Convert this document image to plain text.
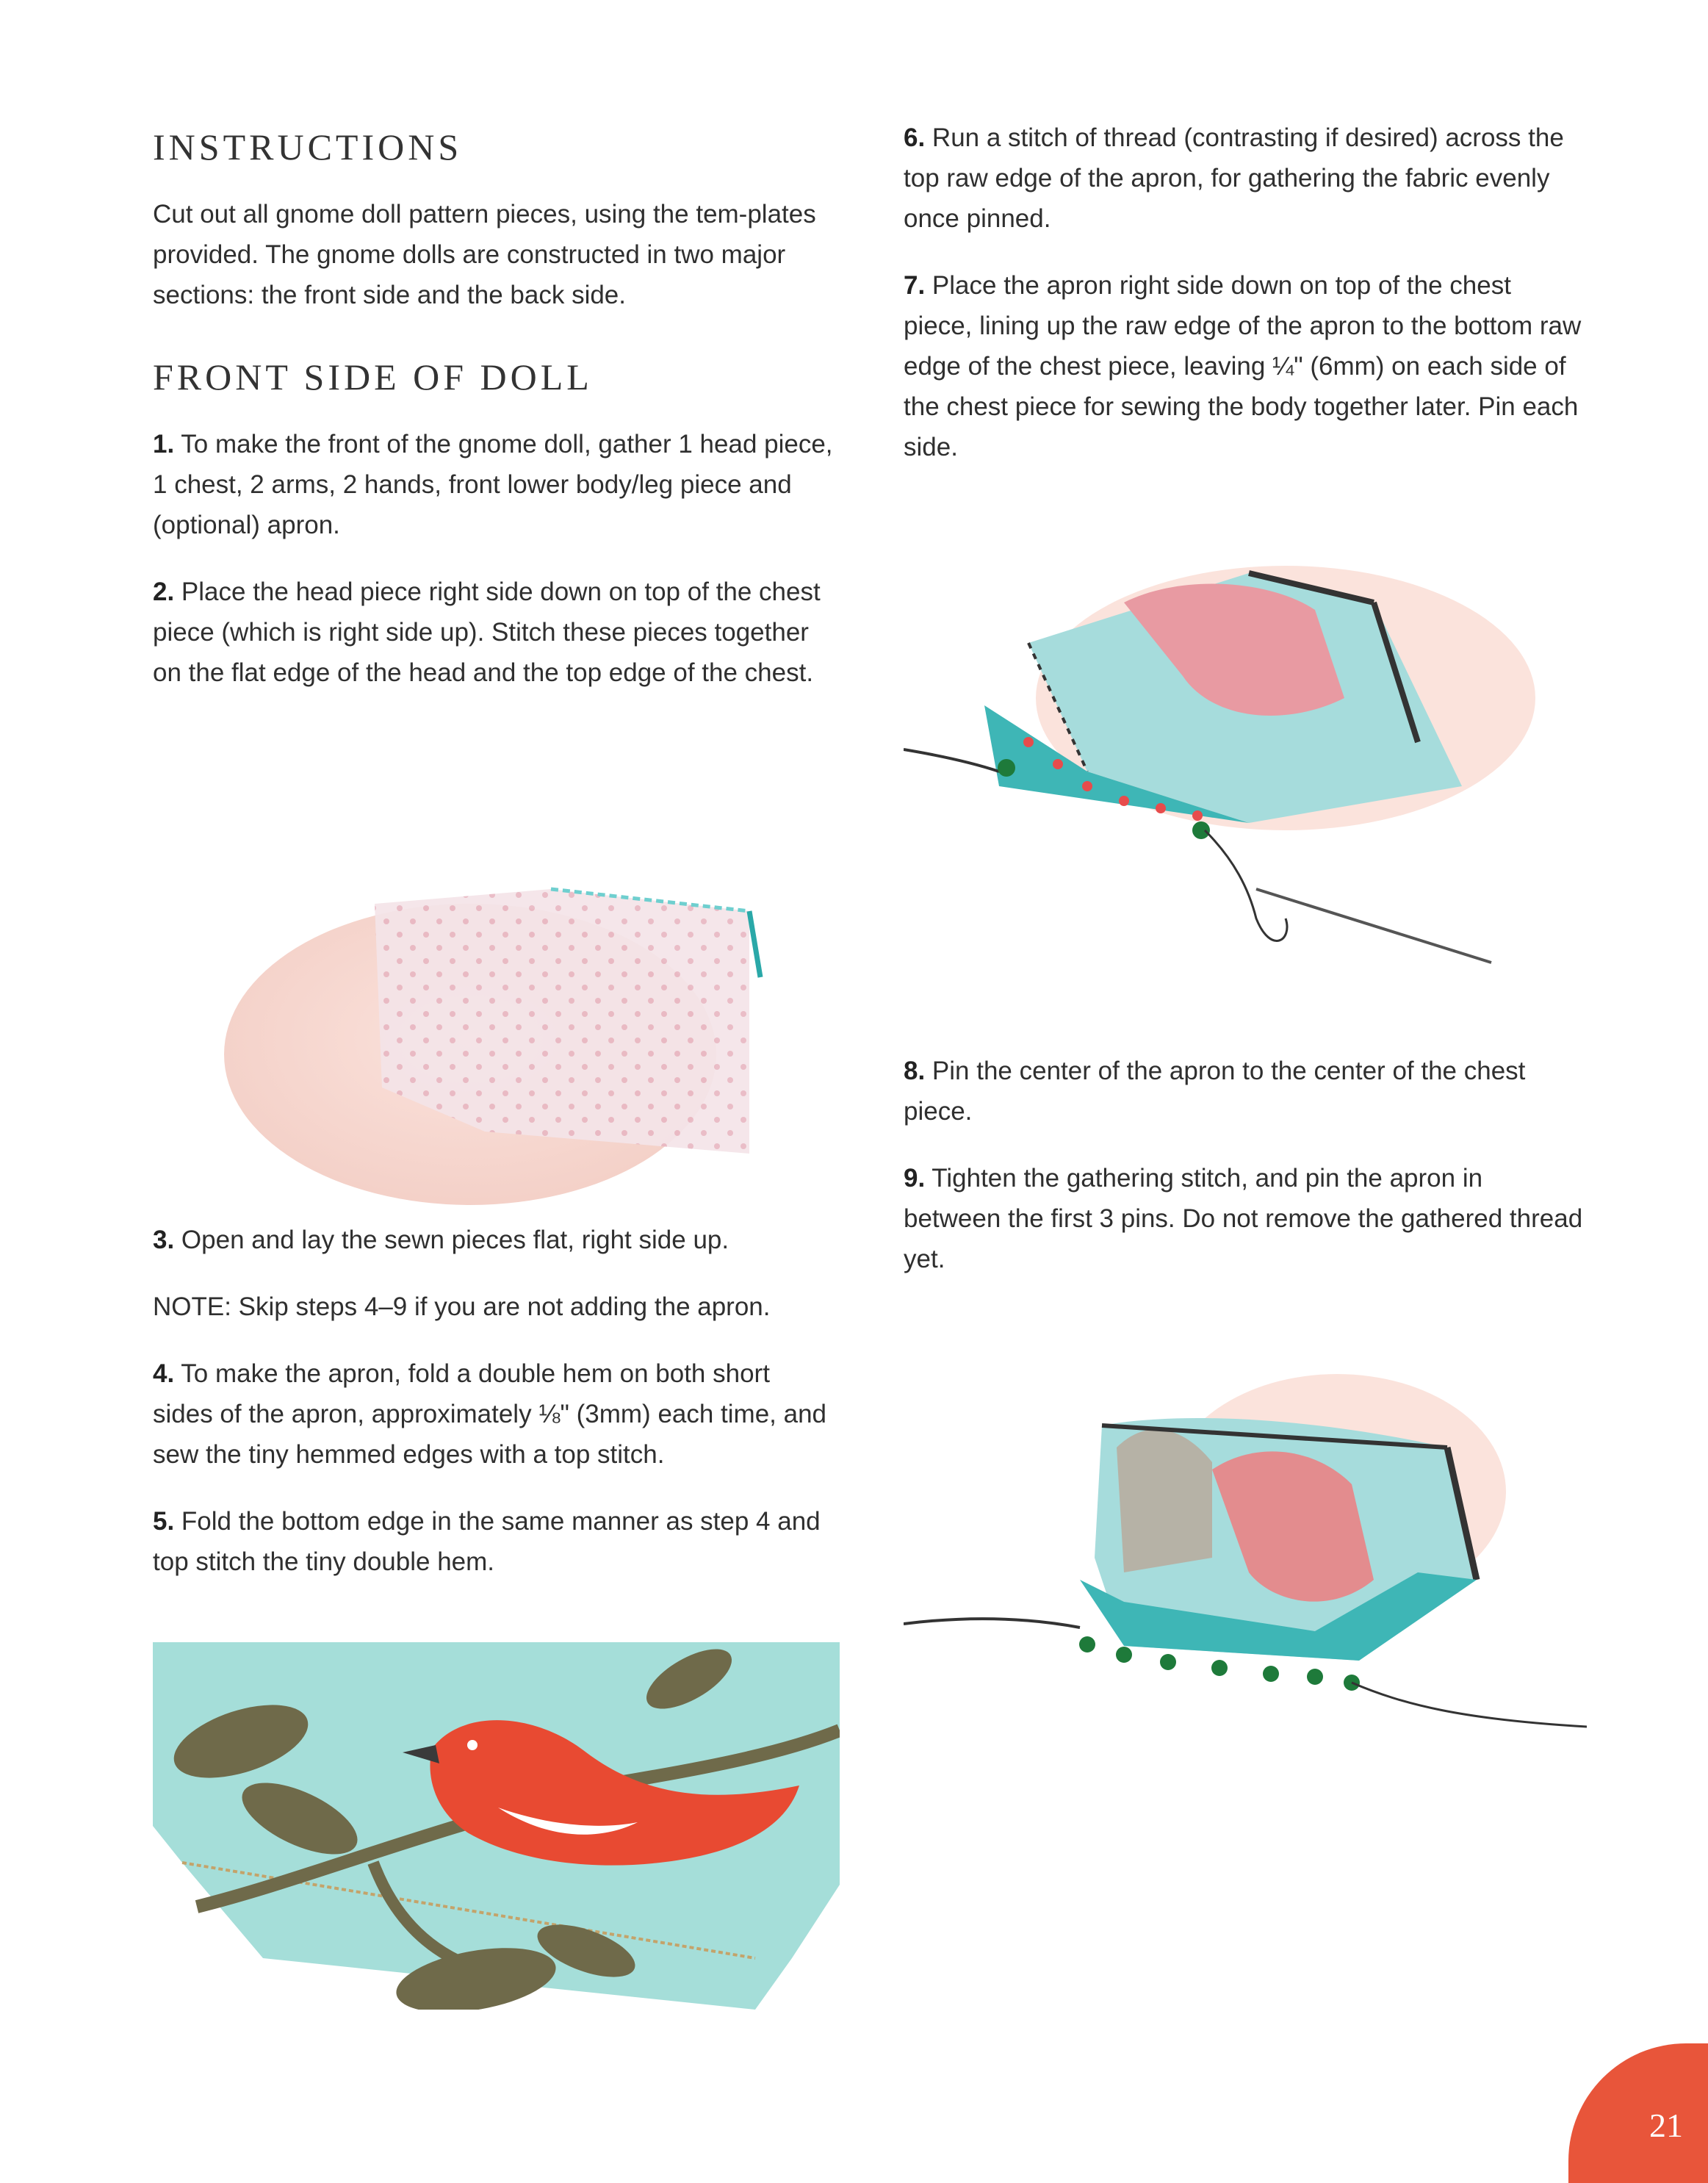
INSTRUCTIONS

Cut out all gnome doll pattern pieces, using the tem-plates provided. The gnome dolls are constructed in two major sections: the front side and the back side.

FRONT SIDE OF DOLL

1. To make the front of the gnome doll, gather 1 head piece, 1 chest, 2 arms, 2 hands, front lower body/leg piece and (optional) apron.

2. Place the head piece right side down on top of the chest piece (which is right side up). Stitch these pieces together on the flat edge of the head and the top edge of the chest.

3. Open and lay the sewn pieces flat, right side up.

NOTE: Skip steps 4–9 if you are not adding the apron.

4. To make the apron, fold a double hem on both short sides of the apron, approximately ⅛" (3mm) each time, and sew the tiny hemmed edges with a top stitch.

5. Fold the bottom edge in the same manner as step 4 and top stitch the tiny double hem.

6. Run a stitch of thread (contrasting if desired) across the top raw edge of the apron, for gathering the fabric evenly once pinned.

7. Place the apron right side down on top of the chest piece, lining up the raw edge of the apron to the bottom raw edge of the chest piece, leaving ¼" (6mm) on each side of the chest piece for sewing the body together later. Pin each side.

8. Pin the center of the apron to the center of the chest piece.

9. Tighten the gathering stitch, and pin the apron in between the first 3 pins. Do not remove the gathered thread yet.

21
